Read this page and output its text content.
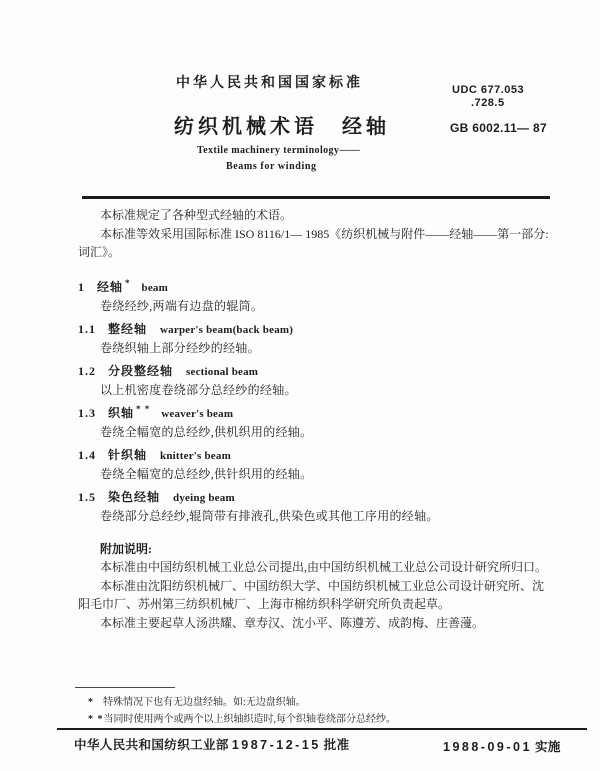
中华人民共和国国家标准	UDC 677.053
.728.5
纺织机械术语　经轴	GB 6002.11— 87
Textile machinery terminology——
Beams for winding

本标准规定了各种型式经轴的术语。

本标准等效采用国际标准 ISO 8116/1— 1985《纺织机械与附件——经轴——第一部分:词汇》。

1 经轴 * beam

卷绕经纱,两端有边盘的辊筒。

1.1 整经轴 warper's beam(back beam)

卷绕织轴上部分经纱的经轴。

1.2 分段整经轴 sectional beam

以上机密度卷绕部分总经纱的经轴。

1.3 织轴 * * weaver's beam

卷绕全幅宽的总经纱,供机织用的经轴。

1.4 针织轴 knitter's beam

卷绕全幅宽的总经纱,供针织用的经轴。

1.5 染色经轴 dyeing beam

卷绕部分总经纱,辊筒带有排液孔,供染色或其他工序用的经轴。

附加说明:

本标准由中国纺织机械工业总公司提出,由中国纺织机械工业总公司设计研究所归口。

本标准由沈阳纺织机械厂、中国纺织大学、中国纺织机械工业总公司设计研究所、沈阳毛巾厂、苏州第三纺织机械厂、上海市棉纺织科学研究所负责起草。

本标准主要起草人汤洪耀、章寿汉、沈小平、陈遵芳、成韵梅、庄善薓。

* 特殊情况下也有无边盘经轴。如:无边盘织轴。

* * 当同时使用两个或两个以上织轴织造时,每个织轴卷绕部分总经纱。

中华人民共和国纺织工业部 1987-12-15 批准	1988-09-01 实施
